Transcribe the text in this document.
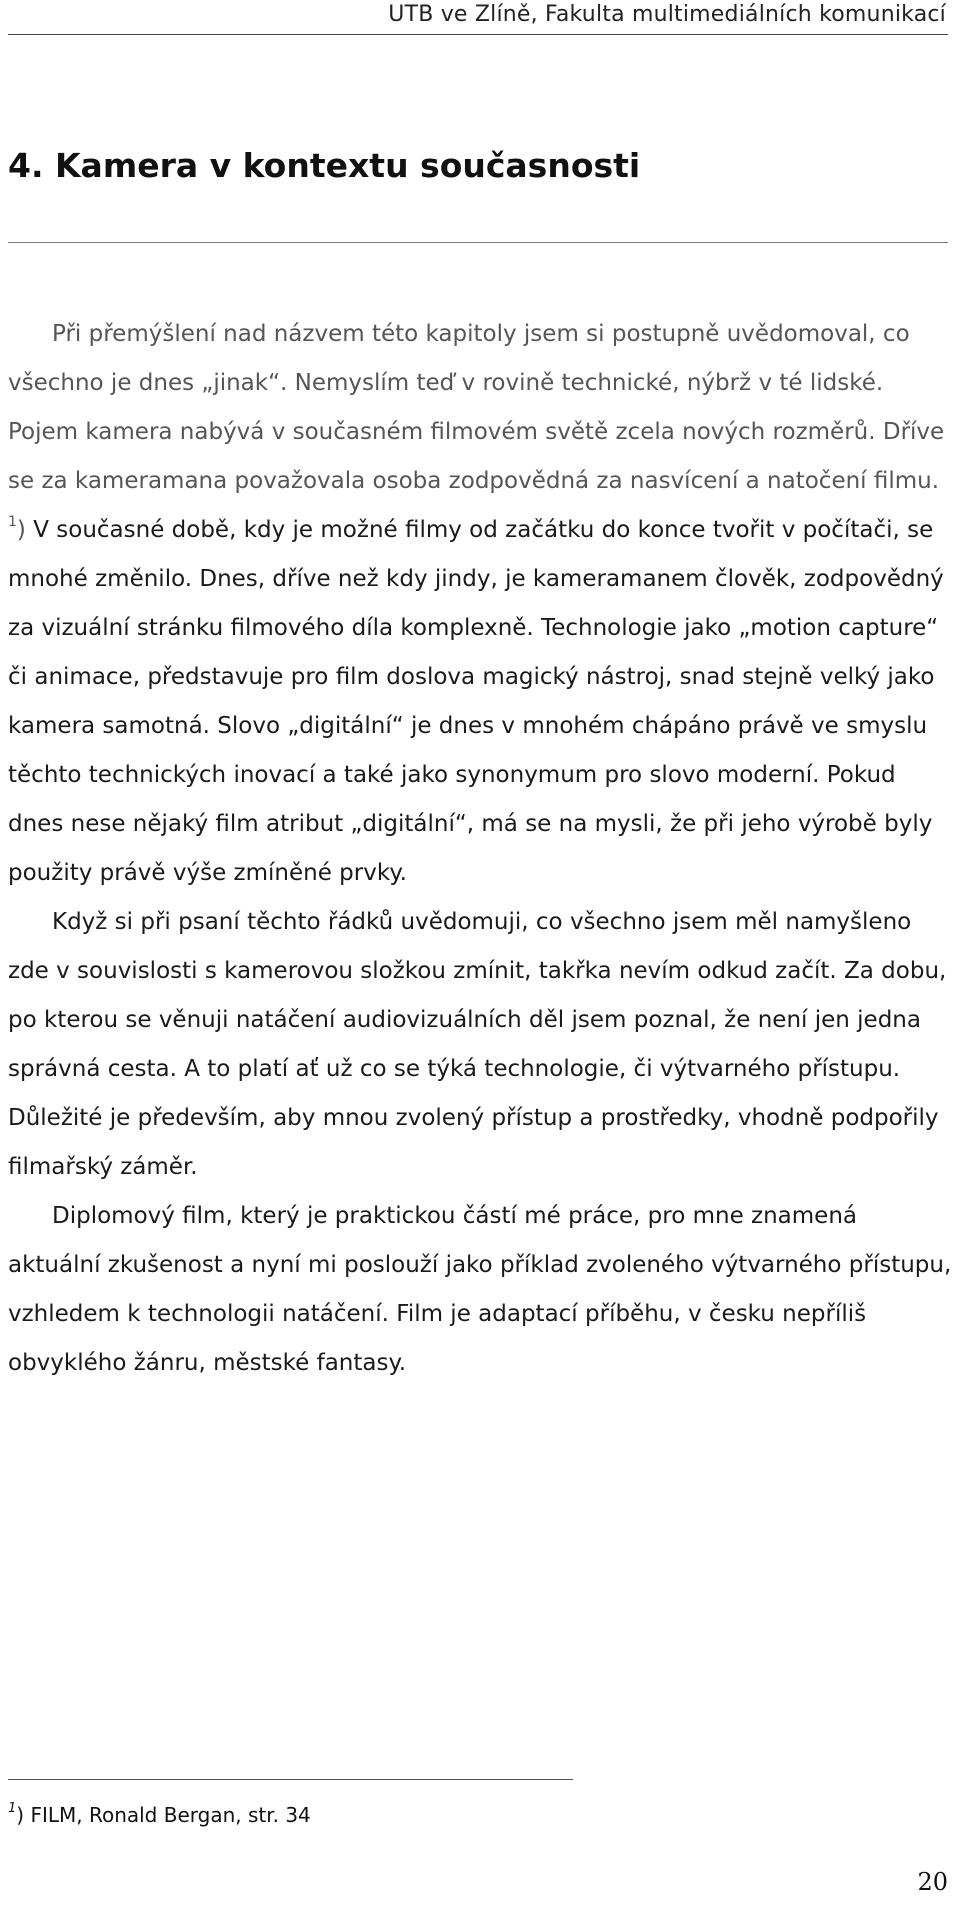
UTB ve Zlíně, Fakulta multimediálních komunikací
4. Kamera v kontextu současnosti

Při přemýšlení nad názvem této kapitoly jsem si postupně uvědomoval, co všechno je dnes „jinak“. Nemyslím teď v rovině technické, nýbrž v té lidské. Pojem kamera nabývá v současném filmovém světě zcela nových rozměrů. Dříve se za kameramana považovala osoba zodpovědná za nasvícení a natočení filmu. $^1$) V současné době, kdy je možné filmy od začátku do konce tvořit v počítači, se mnohé změnilo. Dnes, dříve než kdy jindy, je kameramanem člověk, zodpovědný za vizuální stránku filmového díla komplexně. Technologie jako „motion capture“ či animace, představuje pro film doslova magický nástroj, snad stejně velký jako kamera samotná. Slovo „digitální“ je dnes v mnohém chápáno právě ve smyslu těchto technických inovací a také jako synonymum pro slovo moderní. Pokud dnes nese nějaký film atribut „digitální“, má se na mysli, že při jeho výrobě byly použity právě výše zmíněné prvky.

Když si při psaní těchto řádků uvědomuji, co všechno jsem měl namyšleno zde v souvislosti s kamerovou složkou zmínit, takřka nevím odkud začít. Za dobu, po kterou se věnuji natáčení audiovizuálních děl jsem poznal, že není jen jedna správná cesta. A to platí ať už co se týká technologie, či výtvarného přístupu. Důležité je především, aby mnou zvolený přístup a prostředky, vhodně podpořily filmařský záměr.

Diplomový film, který je praktickou částí mé práce, pro mne znamená aktuální zkušenost a nyní mi poslouží jako příklad zvoleného výtvarného přístupu, vzhledem k technologii natáčení. Film je adaptací příběhu, v česku nepříliš obvyklého žánru, městské fantasy.

$^1$) FILM, Ronald Bergan, str. 34
20
